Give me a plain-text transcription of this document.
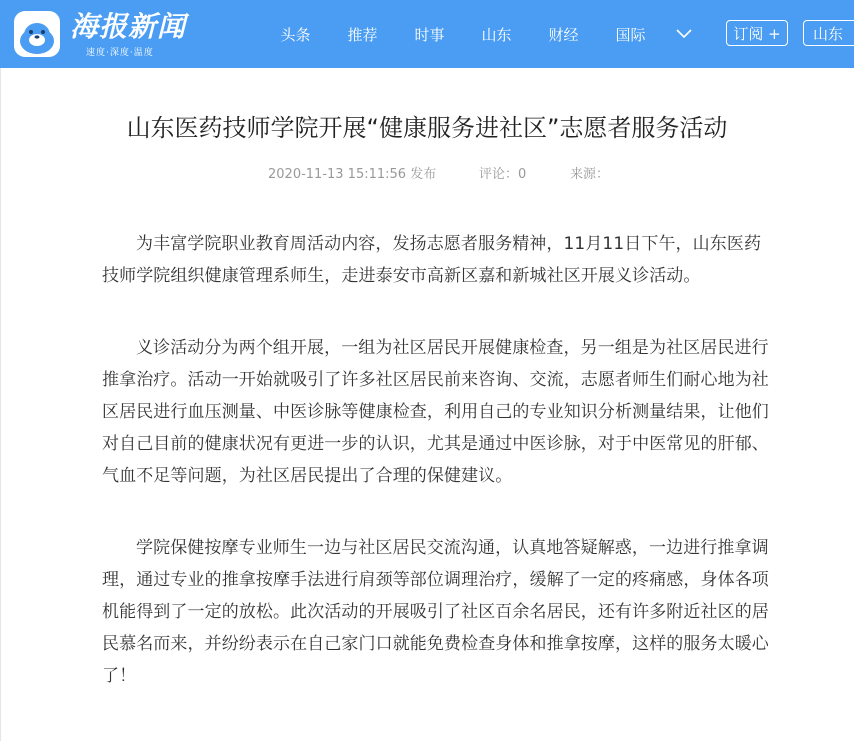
海报新闻
速度·深度·温度
头条	推荐	时事	山东	财经	国际	订阅 +	山东
山东医药技师学院开展“健康服务进社区”志愿者服务活动
2020-11-13 15:11:56 发布	评论：0	来源：

为丰富学院职业教育周活动内容，发扬志愿者服务精神，11月11日下午，山东医药技师学院组织健康管理系师生，走进泰安市高新区嘉和新城社区开展义诊活动。

义诊活动分为两个组开展，一组为社区居民开展健康检查，另一组是为社区居民进行推拿治疗。活动一开始就吸引了许多社区居民前来咨询、交流，志愿者师生们耐心地为社区居民进行血压测量、中医诊脉等健康检查，利用自己的专业知识分析测量结果，让他们对自己目前的健康状况有更进一步的认识，尤其是通过中医诊脉，对于中医常见的肝郁、气血不足等问题，为社区居民提出了合理的保健建议。

学院保健按摩专业师生一边与社区居民交流沟通，认真地答疑解惑，一边进行推拿调理，通过专业的推拿按摩手法进行肩颈等部位调理治疗，缓解了一定的疼痛感，身体各项机能得到了一定的放松。此次活动的开展吸引了社区百余名居民，还有许多附近社区的居民慕名而来，并纷纷表示在自己家门口就能免费检查身体和推拿按摩，这样的服务太暖心了！
